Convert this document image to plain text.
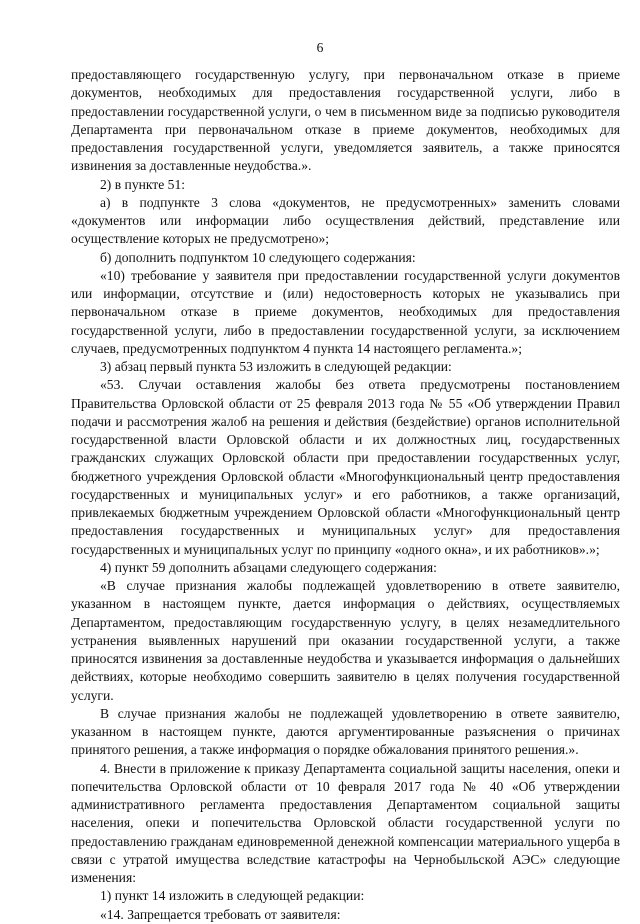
6

предоставляющего государственную услугу, при первоначальном отказе в приеме документов, необходимых для предоставления государственной услуги, либо в предоставлении государственной услуги, о чем в письменном виде за подписью руководителя Департамента при первоначальном отказе в приеме документов, необходимых для предоставления государственной услуги, уведомляется заявитель, а также приносятся извинения за доставленные неудобства.».

2) в пункте 51:

а) в подпункте 3 слова «документов, не предусмотренных» заменить словами «документов или информации либо осуществления действий, представление или осуществление которых не предусмотрено»;

б) дополнить подпунктом 10 следующего содержания:

«10) требование у заявителя при предоставлении государственной услуги документов или информации, отсутствие и (или) недостоверность которых не указывались при первоначальном отказе в приеме документов, необходимых для предоставления государственной услуги, либо в предоставлении государственной услуги, за исключением случаев, предусмотренных подпунктом 4 пункта 14 настоящего регламента.»;

3) абзац первый пункта 53 изложить в следующей редакции:

«53. Случаи оставления жалобы без ответа предусмотрены постановлением Правительства Орловской области от 25 февраля 2013 года № 55 «Об утверждении Правил подачи и рассмотрения жалоб на решения и действия (бездействие) органов исполнительной государственной власти Орловской области и их должностных лиц, государственных гражданских служащих Орловской области при предоставлении государственных услуг, бюджетного учреждения Орловской области «Многофункциональный центр предоставления государственных и муниципальных услуг» и его работников, а также организаций, привлекаемых бюджетным учреждением Орловской области «Многофункциональный центр предоставления государственных и муниципальных услуг» для предоставления государственных и муниципальных услуг по принципу «одного окна», и их работников».»;

4) пункт 59 дополнить абзацами следующего содержания:

«В случае признания жалобы подлежащей удовлетворению в ответе заявителю, указанном в настоящем пункте, дается информация о действиях, осуществляемых Департаментом, предоставляющим государственную услугу, в целях незамедлительного устранения выявленных нарушений при оказании государственной услуги, а также приносятся извинения за доставленные неудобства и указывается информация о дальнейших действиях, которые необходимо совершить заявителю в целях получения государственной услуги.

В случае признания жалобы не подлежащей удовлетворению в ответе заявителю, указанном в настоящем пункте, даются аргументированные разъяснения о причинах принятого решения, а также информация о порядке обжалования принятого решения.».

4. Внести в приложение к приказу Департамента социальной защиты населения, опеки и попечительства Орловской области от 10 февраля 2017 года № 40 «Об утверждении административного регламента предоставления Департаментом социальной защиты населения, опеки и попечительства Орловской области государственной услуги по предоставлению гражданам единовременной денежной компенсации материального ущерба в связи с утратой имущества вследствие катастрофы на Чернобыльской АЭС» следующие изменения:

1) пункт 14 изложить в следующей редакции:

«14. Запрещается требовать от заявителя:
